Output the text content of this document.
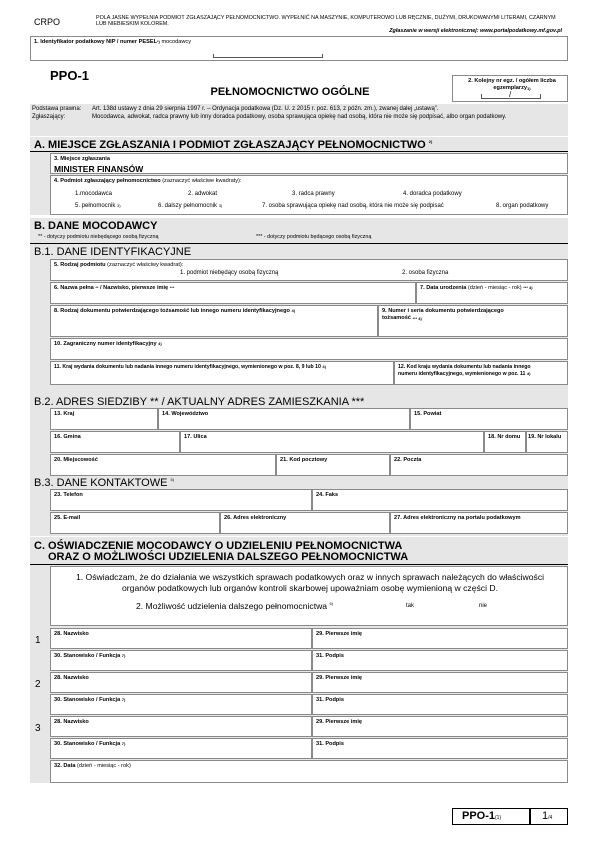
CRPO	POLA JASNE WYPEŁNIA PODMIOT ZGŁASZAJĄCY PEŁNOMOCNICTWO. WYPEŁNIĆ NA MASZYNIE, KOMPUTEROWO LUB RĘCZNIE, DUŻYMI, DRUKOWANYMI LITERAMI, CZARNYM LUB NIEBIESKIM KOLOREM.
Zgłaszanie w wersji elektronicznej: www.portalpodatkowy.mf.gov.pl
1. Identyfikator podatkowy NIP / numer PESEL*) mocodawcy
PPO-1
PEŁNOMOCNICTWO OGÓLNE
2. Kolejny nr egz. / ogółem liczba egzemplarzy$^{1)}$
/
Podstawa prawna: Art. 138d ustawy z dnia 29 sierpnia 1997 r. – Ordynacja podatkowa (Dz. U. z 2015 r. poz. 613, z późn. zm.), zwanej dalej „ustawą”.
Zgłaszający:	Mocodawca, adwokat, radca prawny lub inny doradca podatkowy, osoba sprawująca opiekę nad osobą, która nie może się podpisać, albo organ podatkowy.
A. MIEJSCE ZGŁASZANIA I PODMIOT ZGŁASZAJĄCY PEŁNOMOCNICTWO $^{2)}$
3. Miejsce zgłaszania
MINISTER FINANSÓW
4. Podmiot zgłaszający pełnomocnictwo (zaznaczyć właściwe kwadraty):
1.mocodawca	2. adwokat	3. radca prawny	4. doradca podatkowy
5. pełnomocnik $^{3)}$	6. dalszy pełnomocnik $^{3)}$	7. osoba sprawująca opiekę nad osobą, która nie może się podpisać	8. organ podatkowy
B. DANE MOCODAWCY
** - dotyczy podmiotu niebędącego osobą fizyczną	*** - dotyczy podmiotu będącego osobą fizyczną
B.1. DANE IDENTYFIKACYJNE
5. Rodzaj podmiotu (zaznaczyć właściwy kwadrat):
1. podmiot niebędący osobą fizyczną	2. osoba fizyczna
6. Nazwa pełna ** / Nazwisko, pierwsze imię ***	7. Data urodzenia (dzień - miesiąc - rok) $^{*** 4)}$
8. Rodzaj dokumentu potwierdzającego tożsamość lub innego numeru identyfikacyjnego $^{4)}$	9. Numer i seria dokumentu potwierdzającego
tożsamość $^{*** 4)}$
10. Zagraniczny numer identyfikacyjny $^{4)}$
11. Kraj wydania dokumentu lub nadania innego numeru identyfikacyjnego, wymienionego w poz. 8, 9 lub 10 $^{4)}$	12. Kod kraju wydania dokumentu lub nadania innego
numeru identyfikacyjnego, wymienionego w poz. 11 $^{4)}$
B.2. ADRES SIEDZIBY ** / AKTUALNY ADRES ZAMIESZKANIA ***
13. Kraj	14. Województwo	15. Powiat
16. Gmina	17. Ulica	18. Nr domu 19. Nr lokalu
20. Miejscowość	21. Kod pocztowy	22. Poczta
B.3. DANE KONTAKTOWE $^{5)}$
23. Telefon	24. Faks
25. E-mail	26. Adres elektroniczny	27. Adres elektroniczny na portalu podatkowym
C. OŚWIADCZENIE MOCODAWCY O UDZIELENIU PEŁNOMOCNICTWA
ORAZ O MOŻLIWOŚCI UDZIELENIA DALSZEGO PEŁNOMOCNICTWA
1. Oświadczam, że do działania we wszystkich sprawach podatkowych oraz w innych sprawach należących do właściwości organów podatkowych lub organów kontroli skarbowej upoważniam osobę wymienioną w części D.
2. Możliwość udzielenia dalszego pełnomocnictwa $^{6)}$	tak	nie
1
28. Nazwisko	29. Pierwsze imię
30. Stanowisko / Funkcja $^{7)}$	31. Podpis
2
28. Nazwisko	29. Pierwsze imię
30. Stanowisko / Funkcja $^{7)}$	31. Podpis
3
28. Nazwisko	29. Pierwsze imię
30. Stanowisko / Funkcja $^{7)}$	31. Podpis
32. Data (dzień - miesiąc - rok)
PPO-1(1)	1/4
